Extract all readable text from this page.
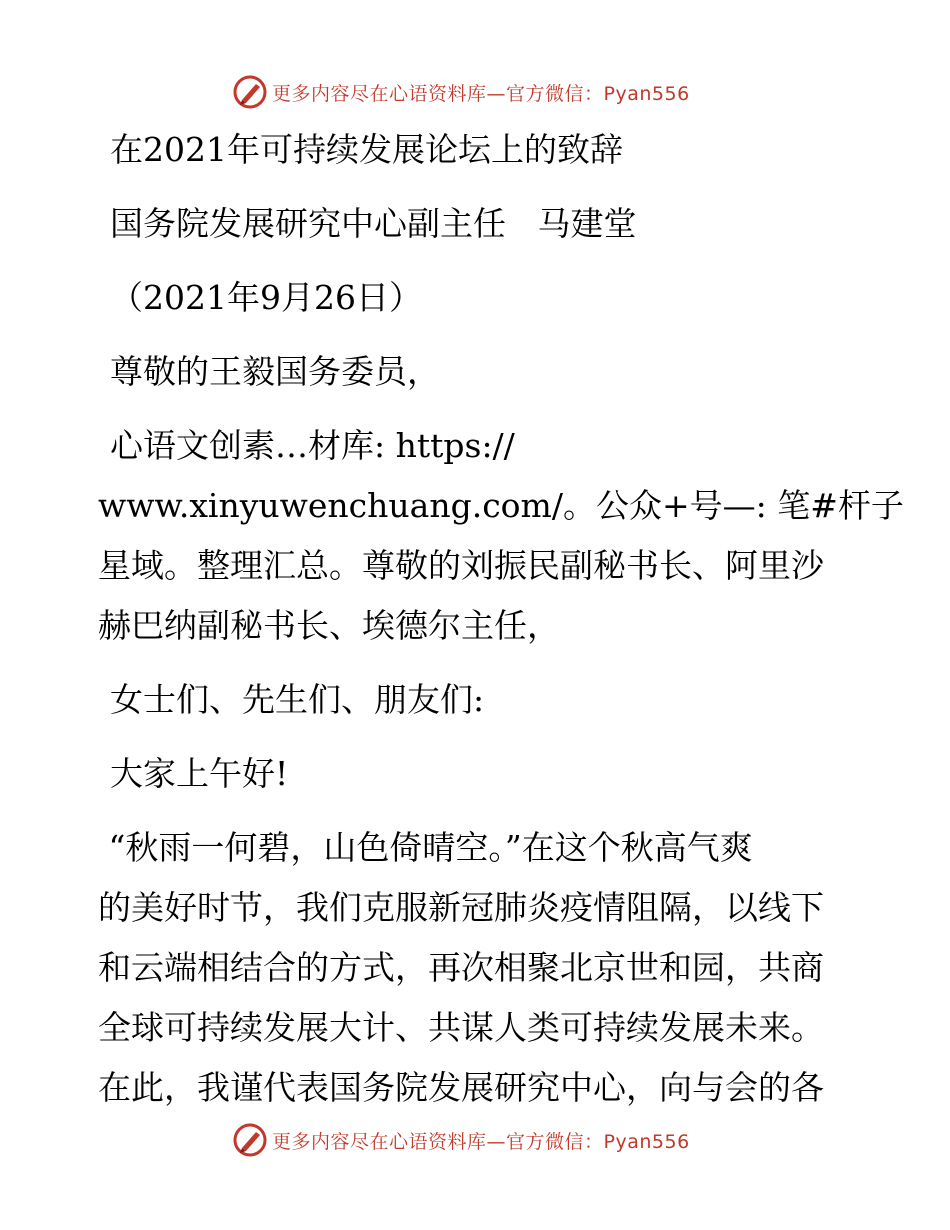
更多内容尽在心语资料库—官方微信：Pyan556

在2021年可持续发展论坛上的致辞

国务院发展研究中心副主任   马建堂

（2021年9月26日）

尊敬的王毅国务委员，

心语文创素…材库: https://
www.xinyuwenchuang.com/。公众+号—: 笔#杆子
星域。整理汇总。尊敬的刘振民副秘书长、阿里沙
赫巴纳副秘书长、埃德尔主任，

女士们、先生们、朋友们:

大家上午好!

“秋雨一何碧，山色倚晴空。”在这个秋高气爽
的美好时节，我们克服新冠肺炎疫情阻隔，以线下
和云端相结合的方式，再次相聚北京世和园，共商
全球可持续发展大计、共谋人类可持续发展未来。
在此，我谨代表国务院发展研究中心，向与会的各
更多内容尽在心语资料库—官方微信：Pyan556
